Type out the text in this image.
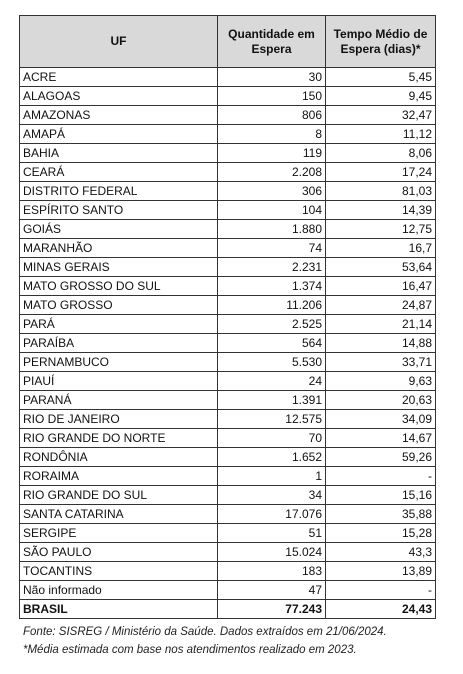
UF	Quantidade em Espera	Tempo Médio de Espera (dias)*
ACRE	30	5,45
ALAGOAS	150	9,45
AMAZONAS	806	32,47
AMAPÁ	8	11,12
BAHIA	119	8,06
CEARÁ	2.208	17,24
DISTRITO FEDERAL	306	81,03
ESPÍRITO SANTO	104	14,39
GOIÁS	1.880	12,75
MARANHÃO	74	16,7
MINAS GERAIS	2.231	53,64
MATO GROSSO DO SUL	1.374	16,47
MATO GROSSO	11.206	24,87
PARÁ	2.525	21,14
PARAÍBA	564	14,88
PERNAMBUCO	5.530	33,71
PIAUÍ	24	9,63
PARANÁ	1.391	20,63
RIO DE JANEIRO	12.575	34,09
RIO GRANDE DO NORTE	70	14,67
RONDÔNIA	1.652	59,26
RORAIMA	1	-
RIO GRANDE DO SUL	34	15,16
SANTA CATARINA	17.076	35,88
SERGIPE	51	15,28
SÃO PAULO	15.024	43,3
TOCANTINS	183	13,89
Não informado	47	-
BRASIL	77.243	24,43
Fonte: SISREG / Ministério da Saúde. Dados extraídos em 21/06/2024.
*Média estimada com base nos atendimentos realizado em 2023.
